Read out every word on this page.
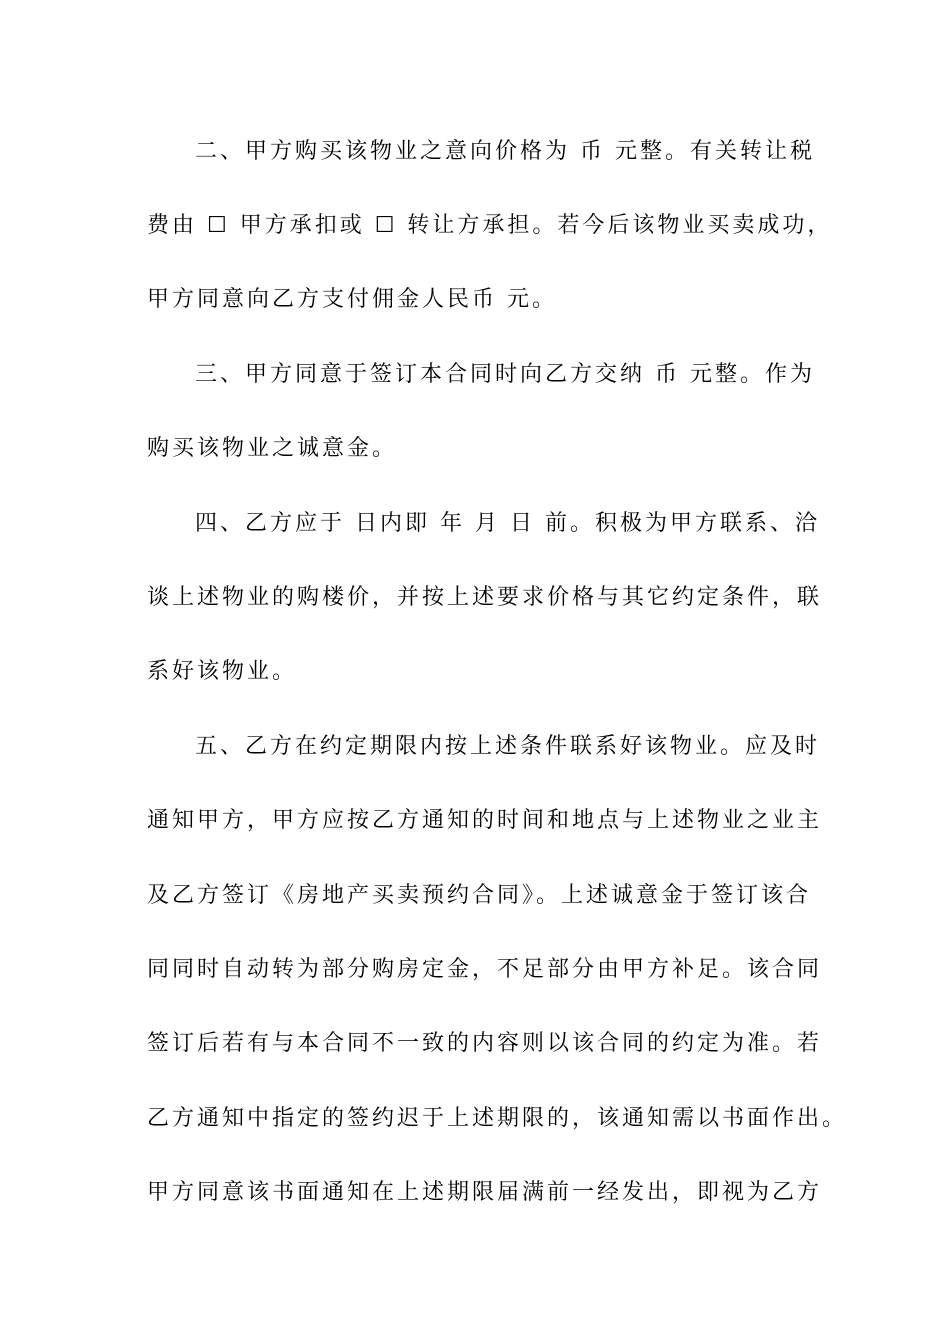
二、甲方购买该物业之意向价格为 币 元整。有关转让税
费由 ☐ 甲方承扣或 ☐ 转让方承担。若今后该物业买卖成功，
甲方同意向乙方支付佣金人民币 元。
三、甲方同意于签订本合同时向乙方交纳 币 元整。作为
购买该物业之诚意金。
四、乙方应于 日内即 年 月 日 前。积极为甲方联系、洽
谈上述物业的购楼价，并按上述要求价格与其它约定条件，联
系好该物业。
五、乙方在约定期限内按上述条件联系好该物业。应及时
通知甲方，甲方应按乙方通知的时间和地点与上述物业之业主
及乙方签订《房地产买卖预约合同》。上述诚意金于签订该合
同同时自动转为部分购房定金，不足部分由甲方补足。该合同
签订后若有与本合同不一致的内容则以该合同的约定为准。若
乙方通知中指定的签约迟于上述期限的，该通知需以书面作出。
甲方同意该书面通知在上述期限届满前一经发出，即视为乙方
